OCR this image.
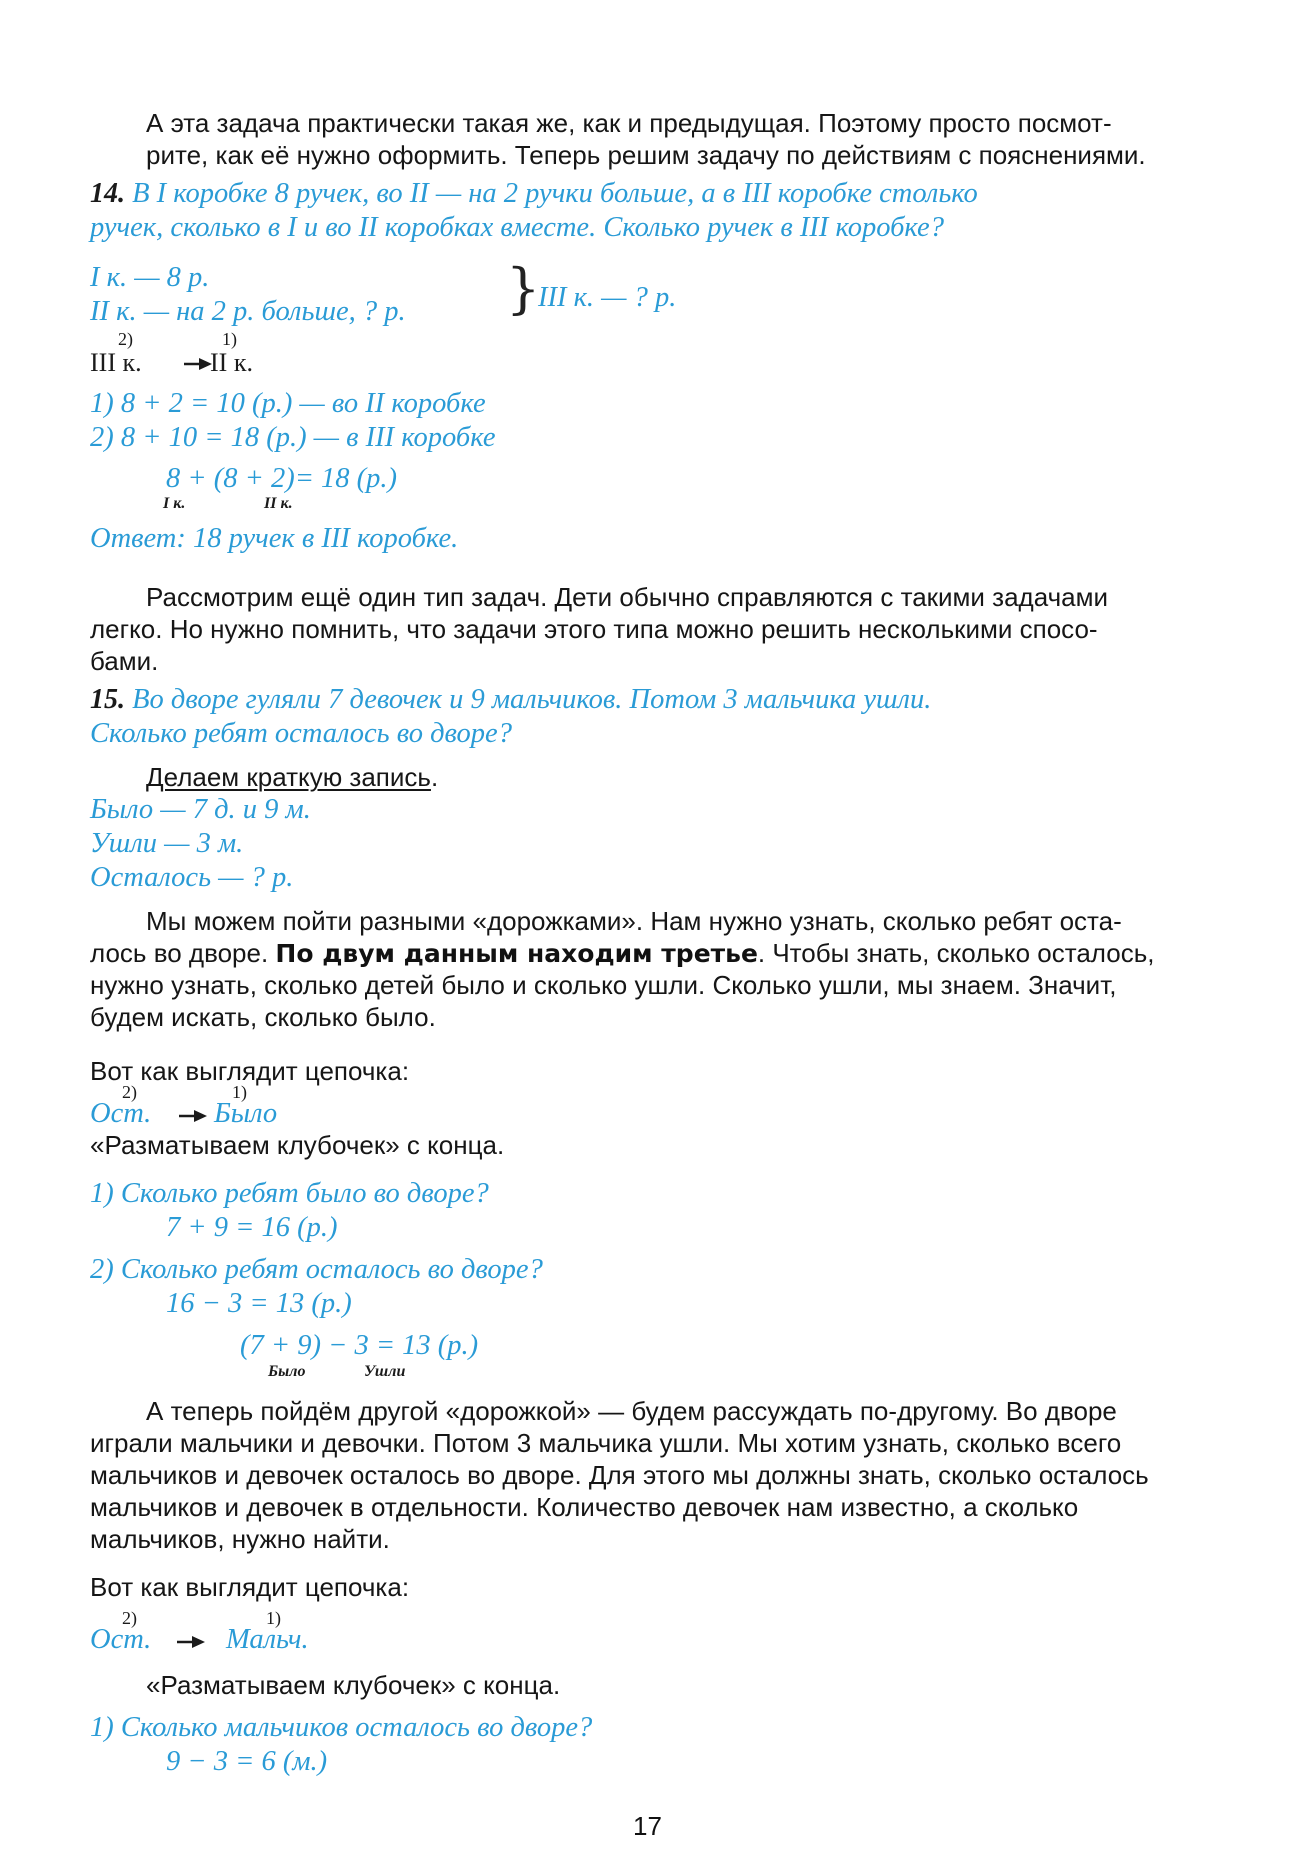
А эта задача практически такая же, как и предыдущая. Поэтому просто посмот-
рите, как её нужно оформить. Теперь решим задачу по действиям с пояснениями.
14. В I коробке 8 ручек, во II — на 2 ручки больше, а в III коробке столько
ручек, сколько в I и во II коробках вместе. Сколько ручек в III коробке?
I к. — 8 р.
II к. — на 2 р. больше, ? р. }
III к. — ? р.
2)	1)
III к.	II к.
1) 8 + 2 = 10 (р.) — во II коробке
2) 8 + 10 = 18 (р.) — в III коробке
8 + (8 + 2)= 18 (р.)
I к.	II к.
Ответ: 18 ручек в III коробке.
Рассмотрим ещё один тип задач. Дети обычно справляются с такими задачами
легко. Но нужно помнить, что задачи этого типа можно решить несколькими спосо-
бами.
15. Во дворе гуляли 7 девочек и 9 мальчиков. Потом 3 мальчика ушли.
Сколько ребят осталось во дворе?
Делаем краткую запись.
Было — 7 д. и 9 м.
Ушли — 3 м.
Осталось — ? р.
Мы можем пойти разными «дорожками». Нам нужно узнать, сколько ребят оста-
лось во дворе. По двум данным находим третье. Чтобы знать, сколько осталось,
нужно узнать, сколько детей было и сколько ушли. Сколько ушли, мы знаем. Значит,
будем искать, сколько было.
Вот как выглядит цепочка:
2)	1)
Ост. Было
«Разматываем клубочек» с конца.
1) Сколько ребят было во дворе?
7 + 9 = 16 (р.)
2) Сколько ребят осталось во дворе?
16 − 3 = 13 (р.)
(7 + 9) − 3 = 13 (р.)
Было	Ушли
А теперь пойдём другой «дорожкой» — будем рассуждать по-другому. Во дворе
играли мальчики и девочки. Потом 3 мальчика ушли. Мы хотим узнать, сколько всего
мальчиков и девочек осталось во дворе. Для этого мы должны знать, сколько осталось
мальчиков и девочек в отдельности. Количество девочек нам известно, а сколько
мальчиков, нужно найти.
Вот как выглядит цепочка:
2)	1)
Ост.	Мальч.
«Разматываем клубочек» с конца.
1) Сколько мальчиков осталось во дворе?
9 − 3 = 6 (м.)
17
